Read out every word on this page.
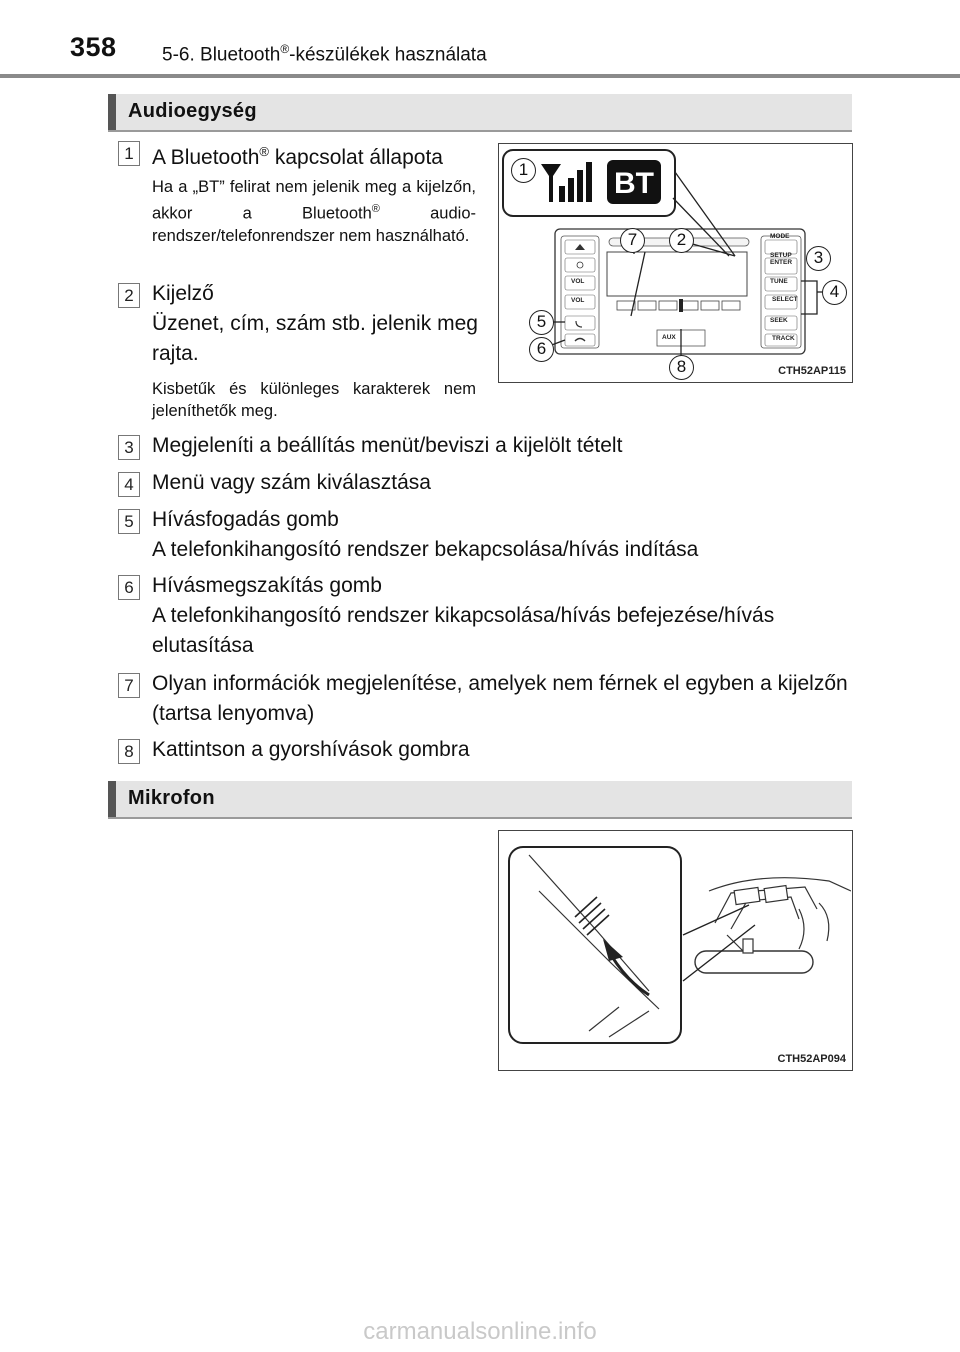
358 5-6. Bluetooth®-készülékek használata
Audioegység
1 A Bluetooth® kapcsolat állapota
Ha a „BT” felirat nem jelenik meg a kijelzőn, akkor a Bluetooth® audio-rendszer/telefonrendszer nem használható.
2 Kijelző
Üzenet, cím, szám stb. jelenik meg rajta.
Kisbetűk és különleges karakterek nem jeleníthetők meg.
3 Megjeleníti a beállítás menüt/beviszi a kijelölt tételt
4 Menü vagy szám kiválasztása
5 Hívásfogadás gomb
A telefonkihangosító rendszer bekapcsolása/hívás indítása
6 Hívásmegszakítás gomb
A telefonkihangosító rendszer kikapcsolása/hívás befejezése/hívás elutasítása
7 Olyan információk megjelenítése, amelyek nem férnek el egyben a kijelzőn (tartsa lenyomva)
8 Kattintson a gyorshívások gombra
BT
1
7	2
3
4
5
6
8
MODE
SETUP
ENTER
TUNE
SELECT
SEEK
TRACK
VOL
VOL
AUX
CTH52AP115
Mikrofon
CTH52AP094
carmanualsonline.info
